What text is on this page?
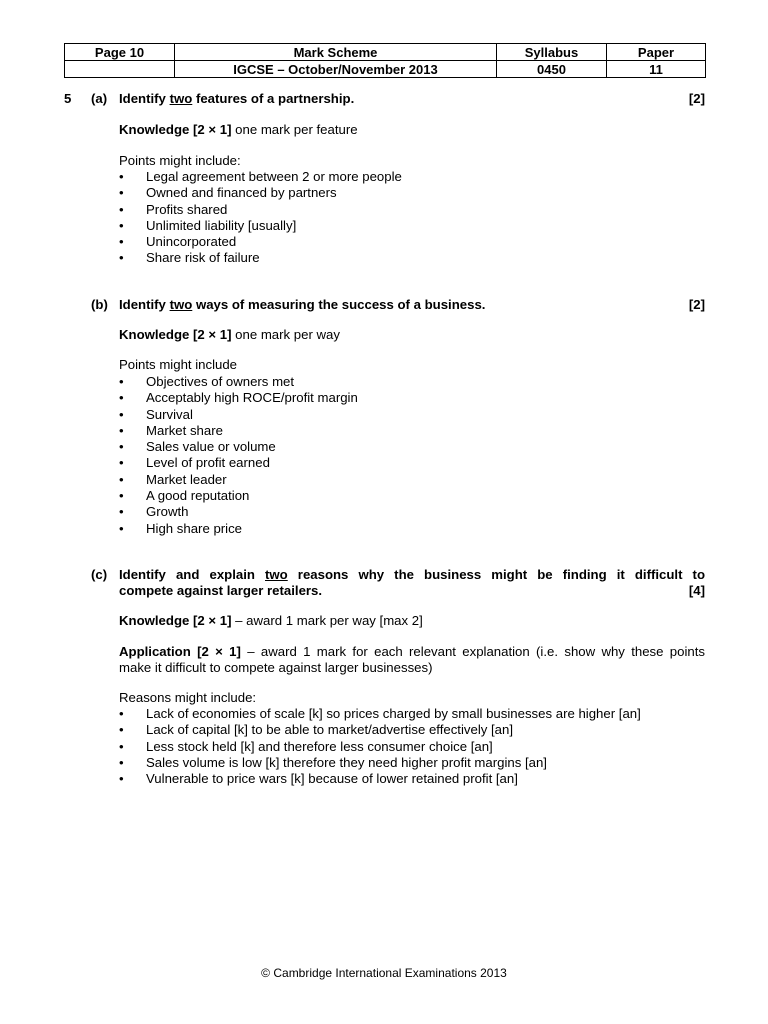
Page 10	Mark Scheme	Syllabus	Paper
	IGCSE – October/November 2013	0450	11
5 (a) Identify two features of a partnership.	[2]
Knowledge [2 × 1] one mark per feature
Points might include:
• Legal agreement between 2 or more people
• Owned and financed by partners
• Profits shared
• Unlimited liability [usually]
• Unincorporated
• Share risk of failure
(b) Identify two ways of measuring the success of a business.	[2]
Knowledge [2 × 1] one mark per way
Points might include
• Objectives of owners met
• Acceptably high ROCE/profit margin
• Survival
• Market share
• Sales value or volume
• Level of profit earned
• Market leader
• A good reputation
• Growth
• High share price
(c) Identify and explain two reasons why the business might be finding it difficult to
compete against larger retailers.	[4]
Knowledge [2 × 1] – award 1 mark per way [max 2]
Application [2 × 1] – award 1 mark for each relevant explanation (i.e. show why these points
make it difficult to compete against larger businesses)
Reasons might include:
• Lack of economies of scale [k] so prices charged by small businesses are higher [an]
• Lack of capital [k] to be able to market/advertise effectively [an]
• Less stock held [k] and therefore less consumer choice [an]
• Sales volume is low [k] therefore they need higher profit margins [an]
• Vulnerable to price wars [k] because of lower retained profit [an]
© Cambridge International Examinations 2013
